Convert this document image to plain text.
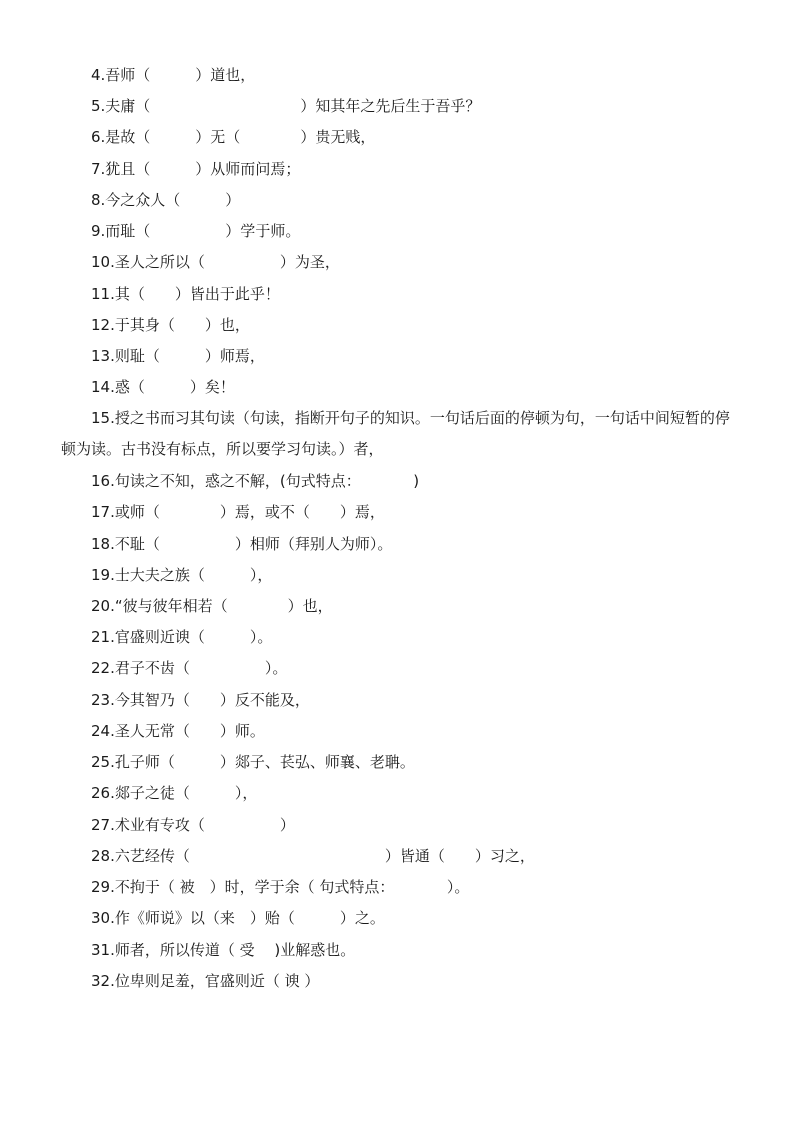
4.吾师（　　　）道也，
5.夫庸（　　　　　　　　　　）知其年之先后生于吾乎？
6.是故（　　　）无（　　　　）贵无贱，
7.犹且（　　　）从师而问焉；
8.今之众人（　　　）
9.而耻（　　　　　）学于师。
10.圣人之所以（　　　　　）为圣，
11.其（　　）皆出于此乎！
12.于其身（　　）也，
13.则耻（　　　）师焉，
14.惑（　　　）矣！
15.授之书而习其句读（句读，指断开句子的知识。一句话后面的停顿为句，一句话中间短暂的停顿为读。古书没有标点，所以要学习句读。）者，
16.句读之不知，惑之不解，(句式特点：　　　　)
17.或师（　　　　）焉，或不（　　）焉，
18.不耻（　　　　　）相师（拜别人为师）。
19.士大夫之族（　　　），
20.“彼与彼年相若（　　　　）也，
21.官盛则近谀（　　　）。
22.君子不齿（　　　　　）。
23.今其智乃（　　）反不能及，
24.圣人无常（　　）师。
25.孔子师（　　　）郯子、苌弘、师襄、老聃。
26.郯子之徒（　　　），
27.术业有专攻（　　　　　）
28.六艺经传（　　　　　　　　　　　　　）皆通（　　）习之，
29.不拘于（ 被　）时，学于余（ 句式特点：　　　　）。
30.作《师说》以（来　）贻（　　　）之。
31.师者，所以传道（ 受　 )业解惑也。
32.位卑则足羞，官盛则近（ 谀 ）
